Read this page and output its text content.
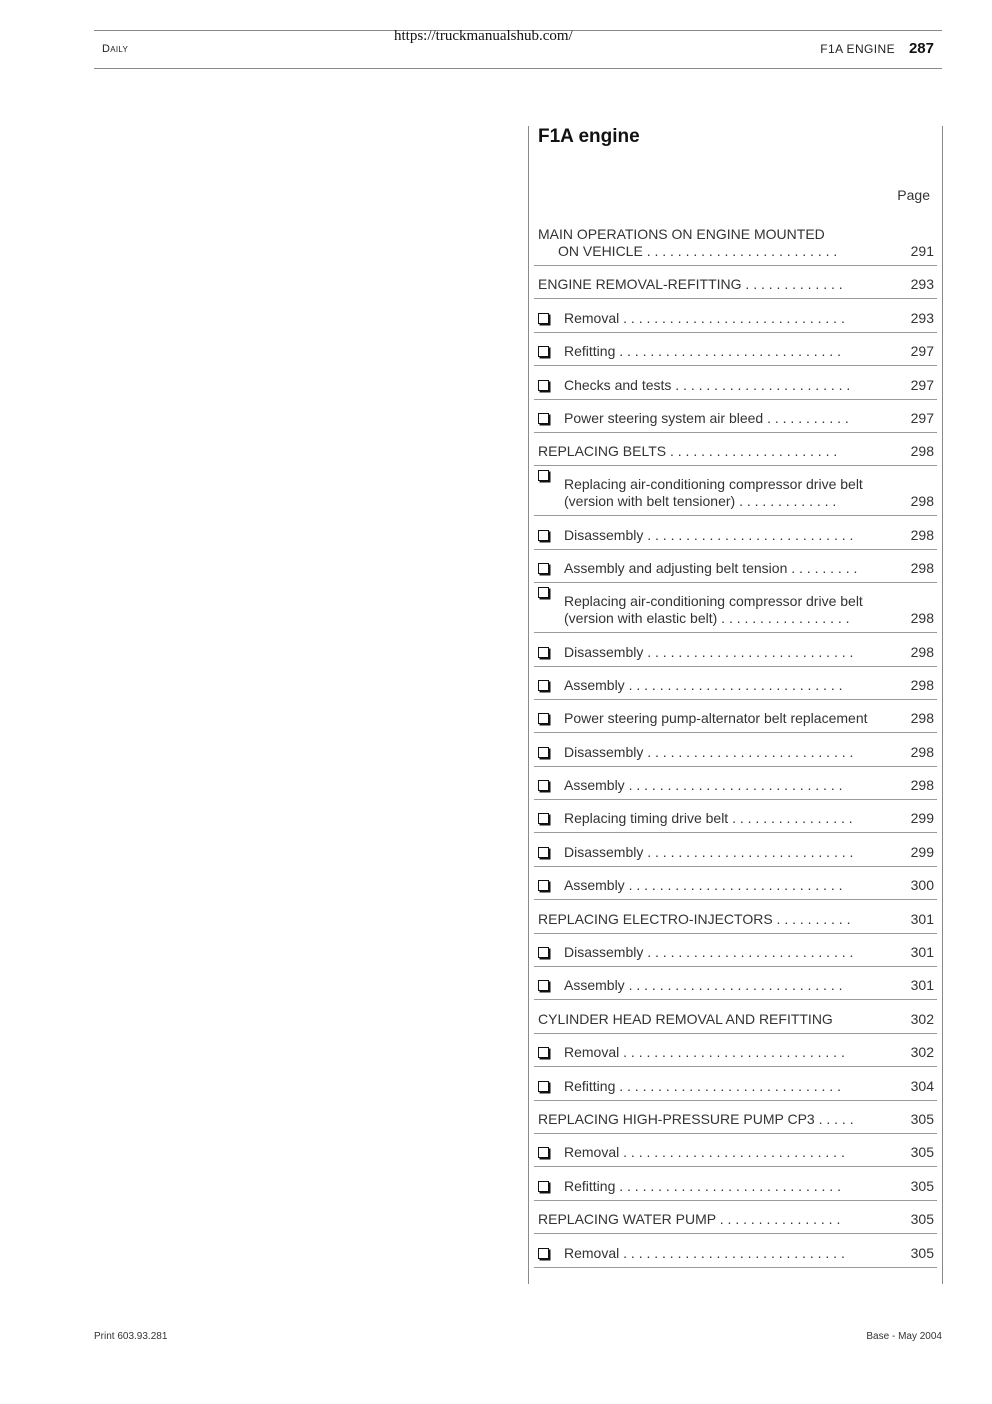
https://truckmanualshub.com/
Daily	F1A ENGINE 287
F1A engine
Page
MAIN OPERATIONS ON ENGINE MOUNTED
ON VEHICLE . . . . . . . . . . . . . . . . . . . . . . . . .	291
ENGINE REMOVAL-REFITTING . . . . . . . . . . . . .	293
Removal . . . . . . . . . . . . . . . . . . . . . . . . . . . . .	293
Refitting . . . . . . . . . . . . . . . . . . . . . . . . . . . . .	297
Checks and tests . . . . . . . . . . . . . . . . . . . . . . .	297
Power steering system air bleed . . . . . . . . . . .	297
REPLACING BELTS . . . . . . . . . . . . . . . . . . . . . .	298
Replacing air-conditioning compressor drive belt
(version with belt tensioner) . . . . . . . . . . . . .	298
Disassembly . . . . . . . . . . . . . . . . . . . . . . . . . . .	298
Assembly and adjusting belt tension . . . . . . . . .	298
Replacing air-conditioning compressor drive belt
(version with elastic belt) . . . . . . . . . . . . . . . . .	298
Disassembly . . . . . . . . . . . . . . . . . . . . . . . . . . .	298
Assembly . . . . . . . . . . . . . . . . . . . . . . . . . . . .	298
Power steering pump-alternator belt replacement	298
Disassembly . . . . . . . . . . . . . . . . . . . . . . . . . . .	298
Assembly . . . . . . . . . . . . . . . . . . . . . . . . . . . .	298
Replacing timing drive belt . . . . . . . . . . . . . . . .	299
Disassembly . . . . . . . . . . . . . . . . . . . . . . . . . . .	299
Assembly . . . . . . . . . . . . . . . . . . . . . . . . . . . .	300
REPLACING ELECTRO-INJECTORS . . . . . . . . . .	301
Disassembly . . . . . . . . . . . . . . . . . . . . . . . . . . .	301
Assembly . . . . . . . . . . . . . . . . . . . . . . . . . . . .	301
CYLINDER HEAD REMOVAL AND REFITTING	302
Removal . . . . . . . . . . . . . . . . . . . . . . . . . . . . .	302
Refitting . . . . . . . . . . . . . . . . . . . . . . . . . . . . .	304
REPLACING HIGH-PRESSURE PUMP CP3 . . . . .	305
Removal . . . . . . . . . . . . . . . . . . . . . . . . . . . . .	305
Refitting . . . . . . . . . . . . . . . . . . . . . . . . . . . . .	305
REPLACING WATER PUMP . . . . . . . . . . . . . . . .	305
Removal . . . . . . . . . . . . . . . . . . . . . . . . . . . . .	305
Print 603.93.281	Base - May 2004
